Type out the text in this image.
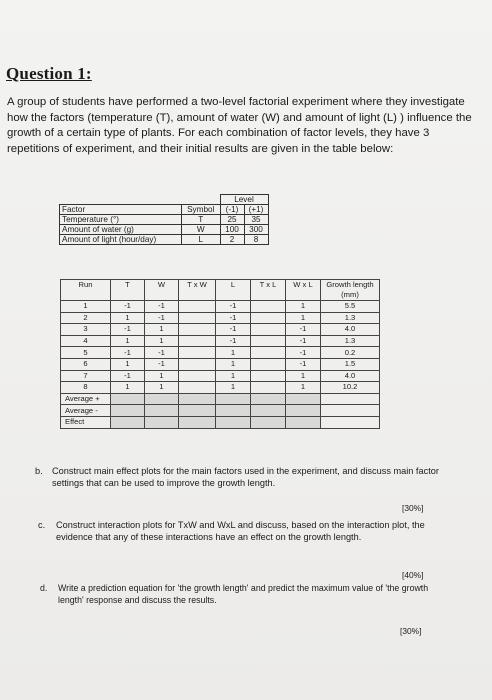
Question 1:
A group of students have performed a two-level factorial experiment where they investigate how the factors (temperature (T), amount of water (W) and amount of light (L) ) influence the growth of a certain type of plants. For each combination of factor levels, they have 3 repetitions of experiment, and their initial results are given in the table below:
		Level	
Factor	Symbol	(-1)	(+1)
Temperature (°)	T	25	35
Amount of water (g)	W	100	300
Amount of light (hour/day)	L	2	8
Run	T	W	T x W	L	T x L	W x L	Growth length (mm)
1	-1	-1		-1		1	5.5
2	1	-1		-1		1	1.3
3	-1	1		-1		-1	4.0
4	1	1		-1		-1	1.3
5	-1	-1		1		-1	0.2
6	1	-1		1		-1	1.5
7	-1	1		1		1	4.0
8	1	1		1		1	10.2
Average +							
Average -							
Effect							
b. Construct main effect plots for the main factors used in the experiment, and discuss main factor settings that can be used to improve the growth length.
[30%]
c. Construct interaction plots for TxW and WxL and discuss, based on the interaction plot, the evidence that any of these interactions have an effect on the growth length.
[40%]
d. Write a prediction equation for 'the growth length' and predict the maximum value of 'the growth length' response and discuss the results.
[30%]
